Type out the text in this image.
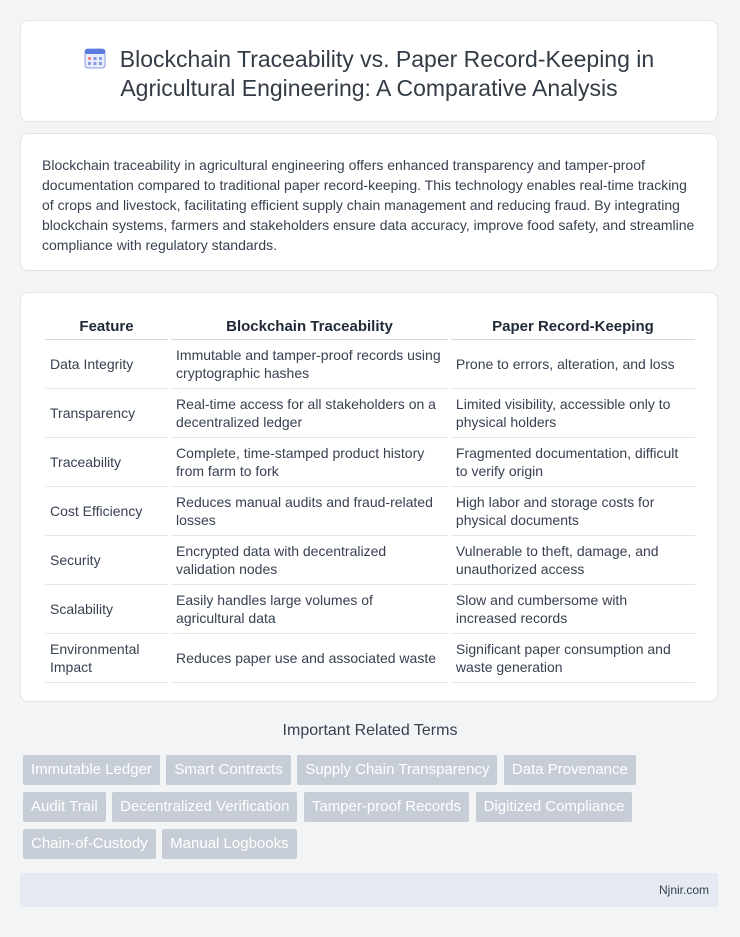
Blockchain Traceability vs. Paper Record-Keeping in
Agricultural Engineering: A Comparative Analysis
Blockchain traceability in agricultural engineering offers enhanced transparency and tamper-proof documentation compared to traditional paper record-keeping. This technology enables real-time tracking of crops and livestock, facilitating efficient supply chain management and reducing fraud. By integrating blockchain systems, farmers and stakeholders ensure data accuracy, improve food safety, and streamline compliance with regulatory standards.
Feature	Blockchain Traceability	Paper Record-Keeping
Data Integrity	Immutable and tamper-proof records using cryptographic hashes	Prone to errors, alteration, and loss
Transparency	Real-time access for all stakeholders on a decentralized ledger	Limited visibility, accessible only to physical holders
Traceability	Complete, time-stamped product history from farm to fork	Fragmented documentation, difficult to verify origin
Cost Efficiency	Reduces manual audits and fraud-related losses	High labor and storage costs for physical documents
Security	Encrypted data with decentralized validation nodes	Vulnerable to theft, damage, and unauthorized access
Scalability	Easily handles large volumes of agricultural data	Slow and cumbersome with increased records
Environmental Impact	Reduces paper use and associated waste	Significant paper consumption and waste generation
Important Related Terms
Immutable Ledger Smart Contracts Supply Chain Transparency Data Provenance Audit Trail Decentralized Verification Tamper-proof Records Digitized Compliance Chain-of-Custody Manual Logbooks
Njnir.com
